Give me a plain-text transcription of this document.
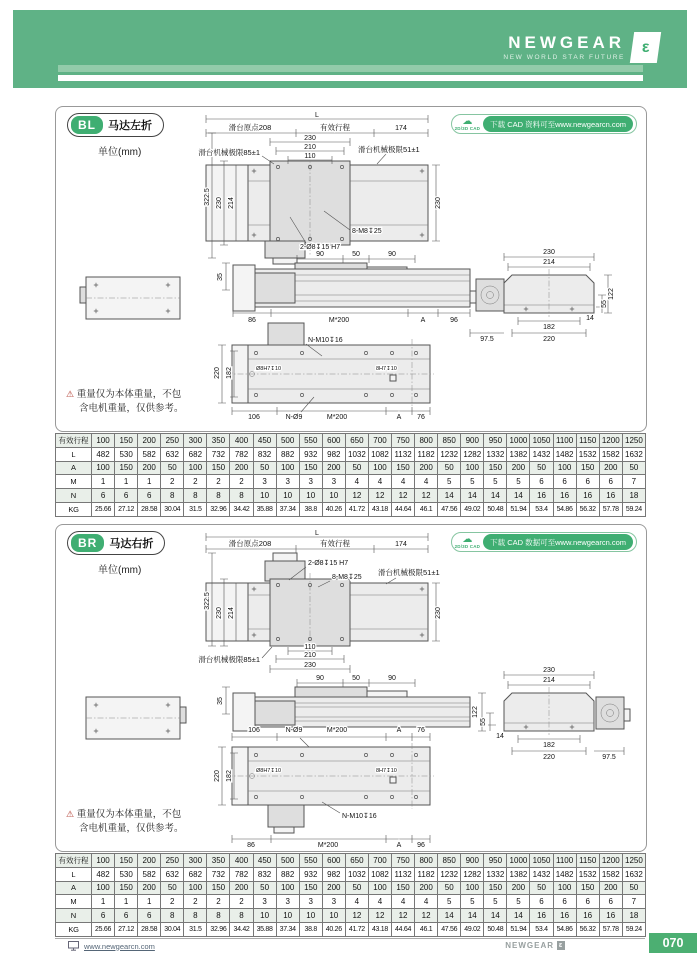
NEWGEAR
NEW WORLD STAR FUTURE
ε
BL	马达左折
单位(mm)
☁
2D/3D CAD	下载 CAD 资料可至www.newgearcn.com
⚠ 重量仅为本体重量，不包
含电机重量，仅供参考。
L
滑台原点208	有效行程	174
230
210
110
滑台机械极限85±1	滑台机械极限51±1
322.5 230 214	230
8-M8↧25
2-Ø8↧15 H7
90	50	90
35
86	M*200	A	96
230
214
182
220
97.5
122
55
14
N-M10↧16
Ø8H7↧10	8H7↧10
220 182
106	N-Ø9	M*200	A 76
有效行程	100	150	200	250	300	350	400	450	500	550	600	650	700	750	800	850	900	950	1000	1050	1100	1150	1200	1250
L	482	530	582	632	682	732	782	832	882	932	982	1032	1082	1132	1182	1232	1282	1332	1382	1432	1482	1532	1582	1632
A	100	150	200	50	100	150	200	50	100	150	200	50	100	150	200	50	100	150	200	50	100	150	200	50
M	1	1	1	2	2	2	2	3	3	3	3	4	4	4	4	5	5	5	5	6	6	6	6	7
N	6	6	6	8	8	8	8	10	10	10	10	12	12	12	12	14	14	14	14	16	16	16	16	18
KG	25.66	27.12	28.58	30.04	31.5	32.96	34.42	35.88	37.34	38.8	40.26	41.72	43.18	44.64	46.1	47.56	49.02	50.48	51.94	53.4	54.86	56.32	57.78	59.24
BR	马达右折
单位(mm)
☁
2D/3D CAD	下载 CAD 数据可至www.newgearcn.com
⚠ 重量仅为本体重量，不包
含电机重量，仅供参考。
L
滑台原点208	有效行程	174
2-Ø8↧15 H7
8-M8↧25
滑台机械极限51±1
322.5
230 214	230
110
210
230
滑台机械极限85±1
90	50	90
35
230
214
182
220	97.5
122
55
14
106	N-Ø9	M*200	A 76
Ø8H7↧10	8H7↧10
220 182
N-M10↧16
86	M*200	A 96
有效行程	100	150	200	250	300	350	400	450	500	550	600	650	700	750	800	850	900	950	1000	1050	1100	1150	1200	1250
L	482	530	582	632	682	732	782	832	882	932	982	1032	1082	1132	1182	1232	1282	1332	1382	1432	1482	1532	1582	1632
A	100	150	200	50	100	150	200	50	100	150	200	50	100	150	200	50	100	150	200	50	100	150	200	50
M	1	1	1	2	2	2	2	3	3	3	3	4	4	4	4	5	5	5	5	6	6	6	6	7
N	6	6	6	8	8	8	8	10	10	10	10	12	12	12	12	14	14	14	14	16	16	16	16	18
KG	25.66	27.12	28.58	30.04	31.5	32.96	34.42	35.88	37.34	38.8	40.26	41.72	43.18	44.64	46.1	47.56	49.02	50.48	51.94	53.4	54.86	56.32	57.78	59.24
www.newgearcn.com	NEWGEAR ε	070
